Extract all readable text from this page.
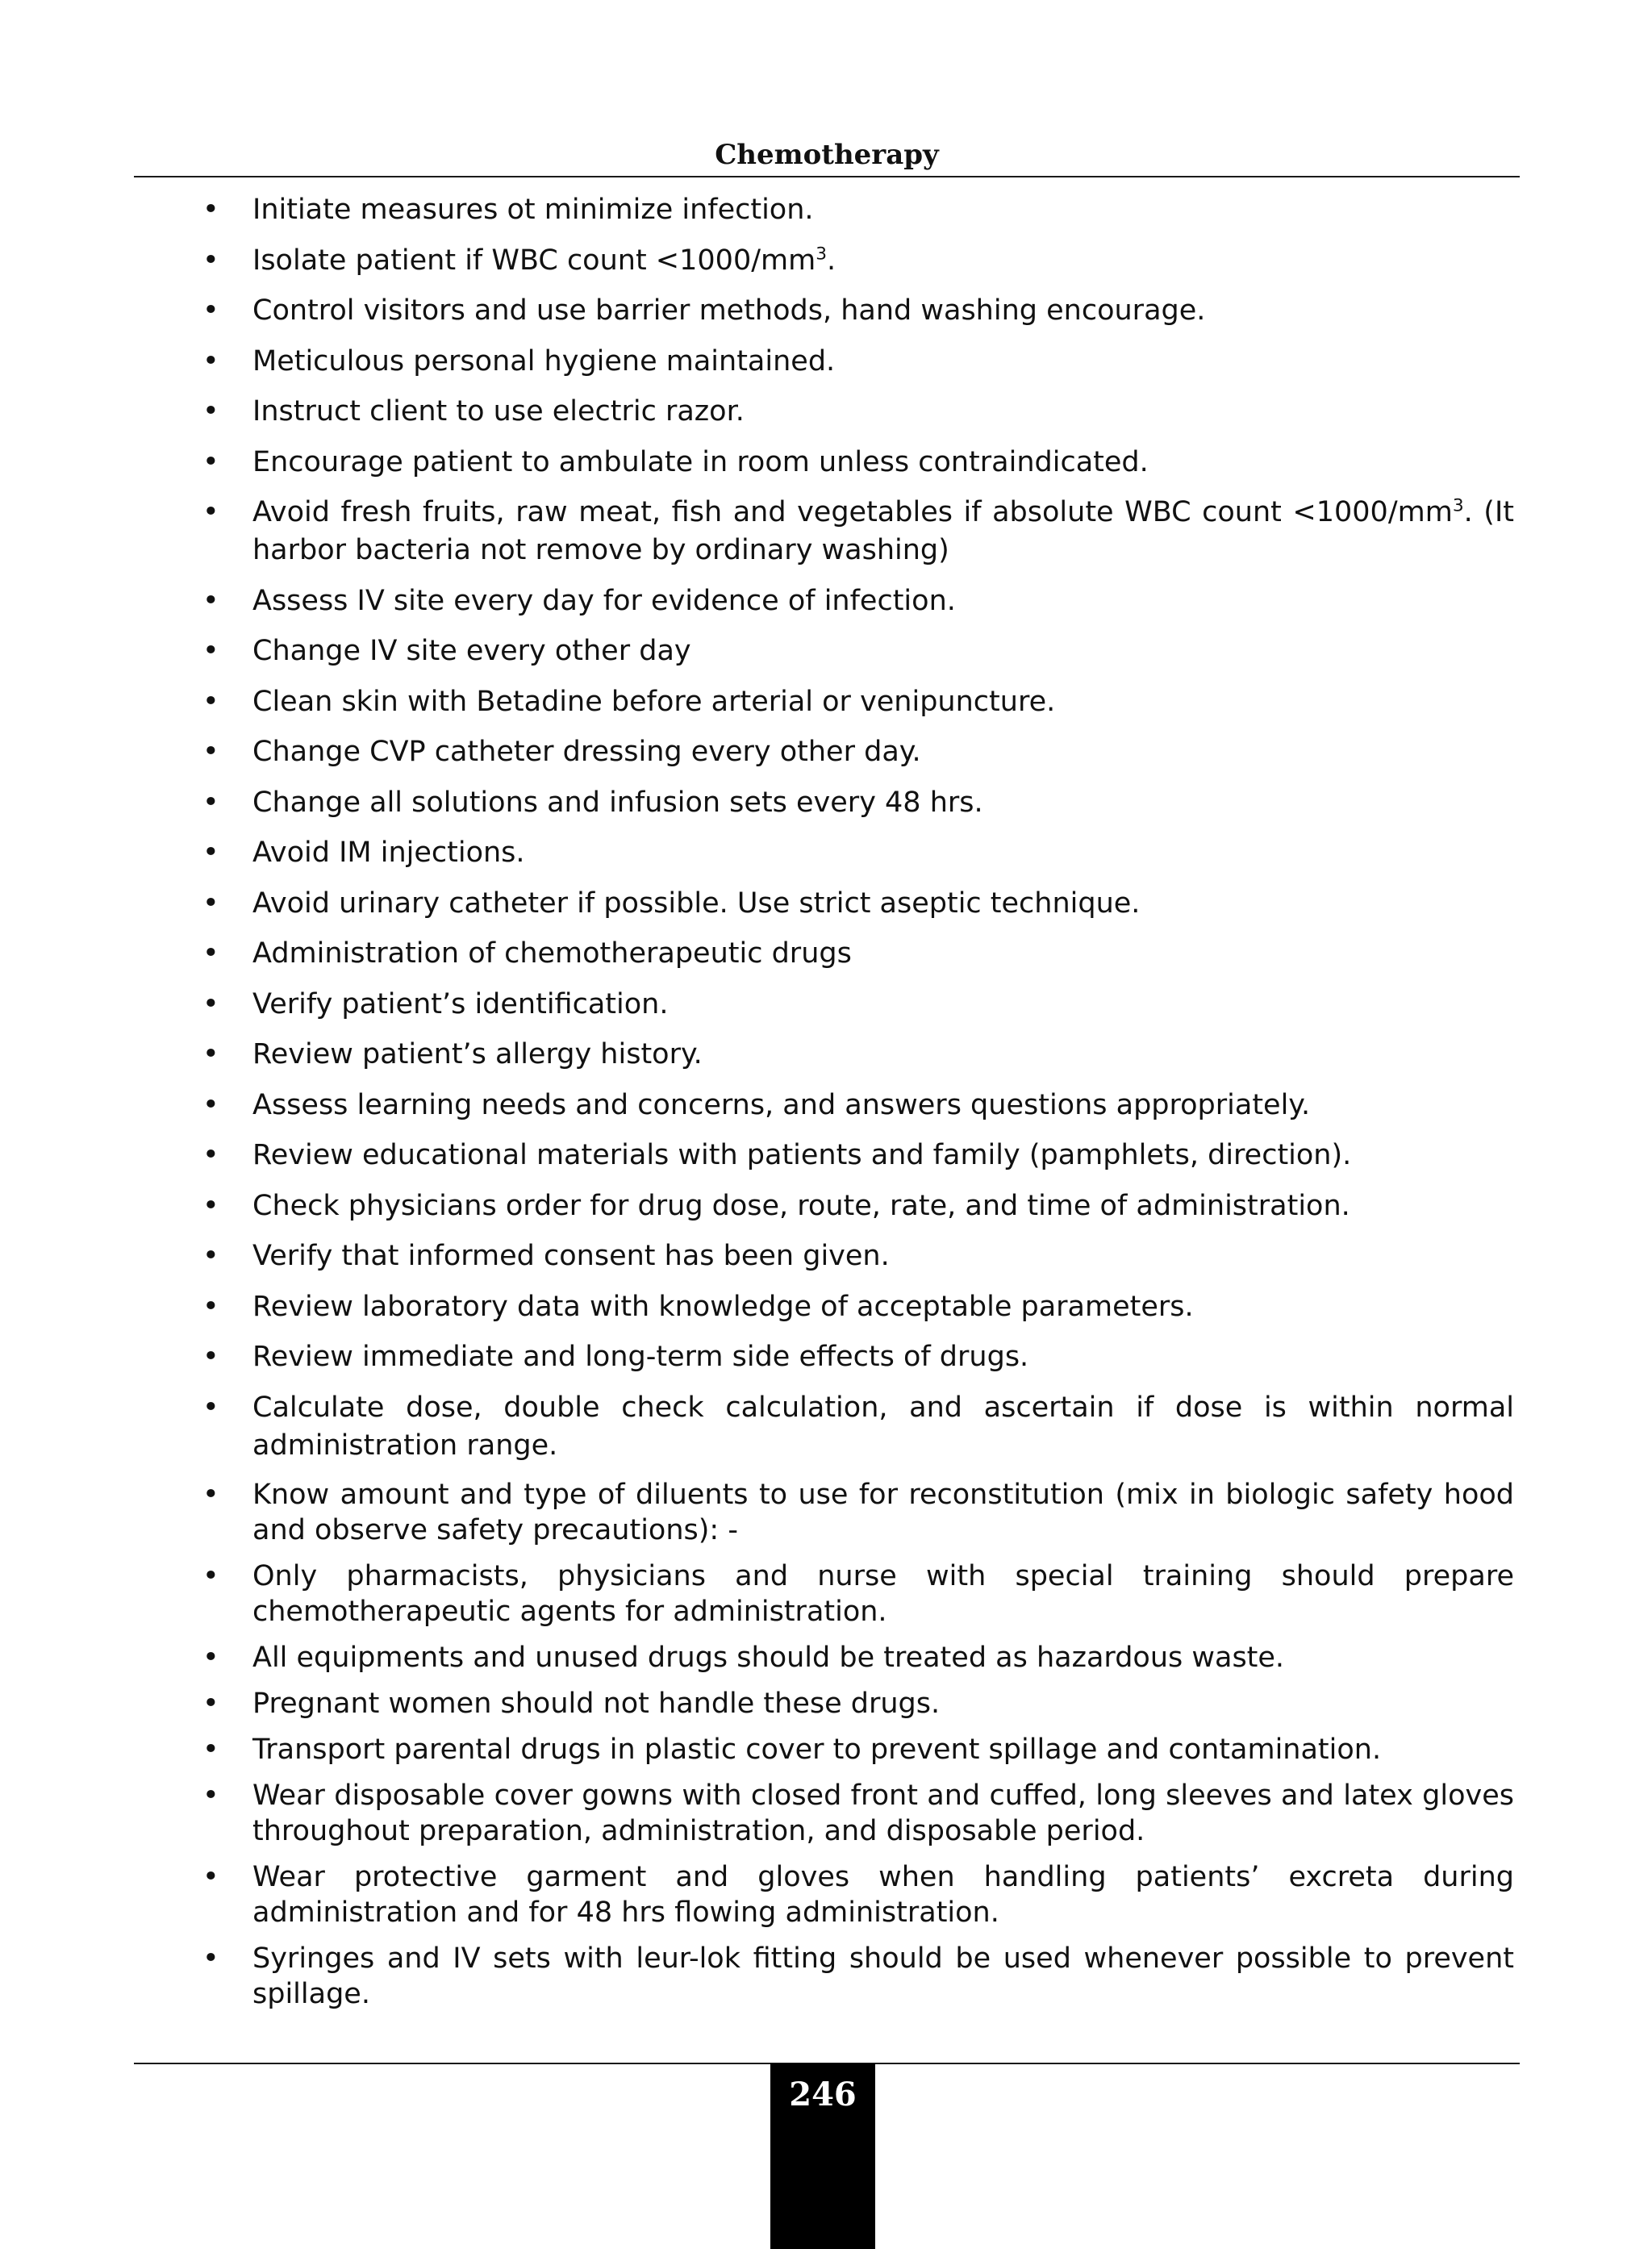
Chemotherapy
• Initiate measures ot minimize infection.
• Isolate patient if WBC count $<1000/mm^3$.
• Control visitors and use barrier methods, hand washing encourage.
• Meticulous personal hygiene maintained.
• Instruct client to use electric razor.
• Encourage patient to ambulate in room unless contraindicated.
• Avoid fresh fruits, raw meat, fish and vegetables if absolute WBC count $<1000/mm^3$. (It harbor bacteria not remove by ordinary washing)
• Assess IV site every day for evidence of infection.
• Change IV site every other day
• Clean skin with Betadine before arterial or venipuncture.
• Change CVP catheter dressing every other day.
• Change all solutions and infusion sets every 48 hrs.
• Avoid IM injections.
• Avoid urinary catheter if possible. Use strict aseptic technique.
• Administration of chemotherapeutic drugs
• Verify patient’s identification.
• Review patient’s allergy history.
• Assess learning needs and concerns, and answers questions appropriately.
• Review educational materials with patients and family (pamphlets, direction).
• Check physicians order for drug dose, route, rate, and time of administration.
• Verify that informed consent has been given.
• Review laboratory data with knowledge of acceptable parameters.
• Review immediate and long-term side effects of drugs.
• Calculate dose, double check calculation, and ascertain if dose is within normal administration range.
• Know amount and type of diluents to use for reconstitution (mix in biologic safety hood and observe safety precautions): -
• Only pharmacists, physicians and nurse with special training should prepare chemotherapeutic agents for administration.
• All equipments and unused drugs should be treated as hazardous waste.
• Pregnant women should not handle these drugs.
• Transport parental drugs in plastic cover to prevent spillage and contamination.
• Wear disposable cover gowns with closed front and cuffed, long sleeves and latex gloves throughout preparation, administration, and disposable period.
• Wear protective garment and gloves when handling patients’ excreta during administration and for 48 hrs flowing administration.
• Syringes and IV sets with leur-lok fitting should be used whenever possible to prevent spillage.
246
